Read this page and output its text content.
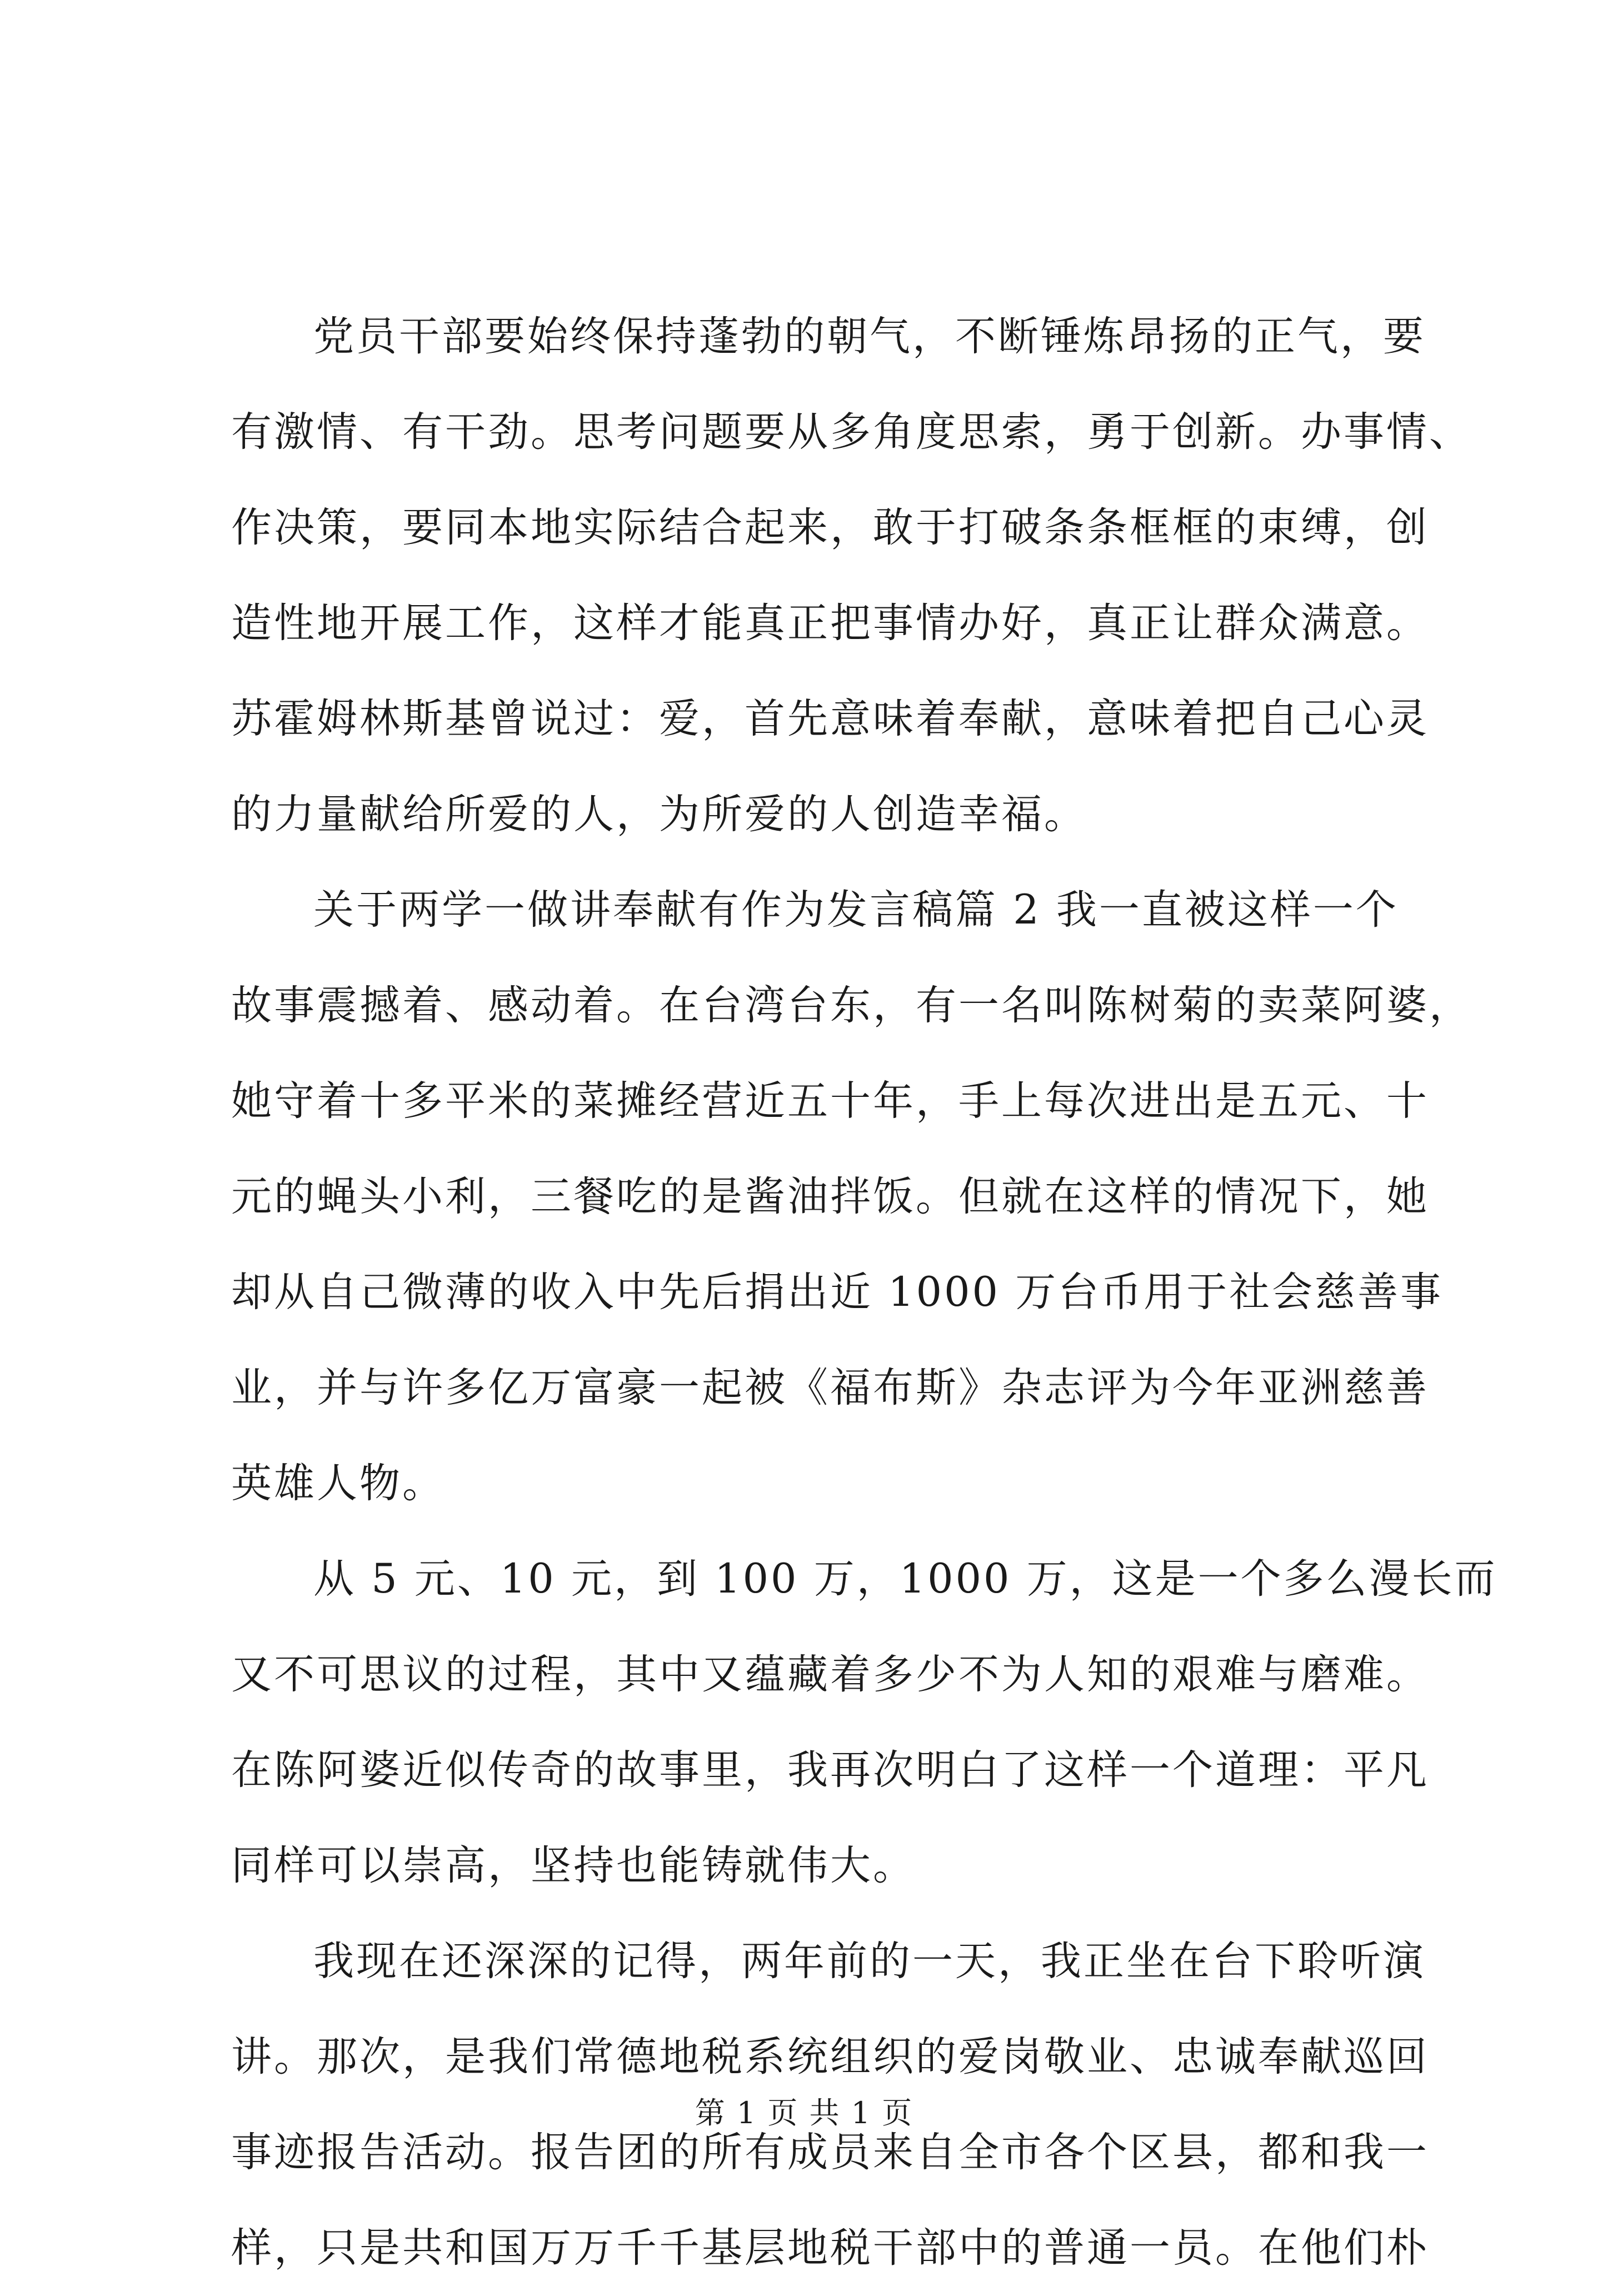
党员干部要始终保持蓬勃的朝气，不断锤炼昂扬的正气，要
有激情、有干劲。思考问题要从多角度思索，勇于创新。办事情、
作决策，要同本地实际结合起来，敢于打破条条框框的束缚，创
造性地开展工作，这样才能真正把事情办好，真正让群众满意。
苏霍姆林斯基曾说过：爱，首先意味着奉献，意味着把自己心灵
的力量献给所爱的人，为所爱的人创造幸福。
关于两学一做讲奉献有作为发言稿篇 2 我一直被这样一个
故事震撼着、感动着。在台湾台东，有一名叫陈树菊的卖菜阿婆，
她守着十多平米的菜摊经营近五十年，手上每次进出是五元、十
元的蝇头小利，三餐吃的是酱油拌饭。但就在这样的情况下，她
却从自己微薄的收入中先后捐出近 1000 万台币用于社会慈善事
业，并与许多亿万富豪一起被《福布斯》杂志评为今年亚洲慈善
英雄人物。
从 5 元、10 元，到 100 万，1000 万，这是一个多么漫长而
又不可思议的过程，其中又蕴藏着多少不为人知的艰难与磨难。
在陈阿婆近似传奇的故事里，我再次明白了这样一个道理：平凡
同样可以崇高，坚持也能铸就伟大。
我现在还深深的记得，两年前的一天，我正坐在台下聆听演
讲。那次，是我们常德地税系统组织的爱岗敬业、忠诚奉献巡回
事迹报告活动。报告团的所有成员来自全市各个区县，都和我一
样，只是共和国万万千千基层地税干部中的普通一员。在他们朴
第 1 页 共 1 页
